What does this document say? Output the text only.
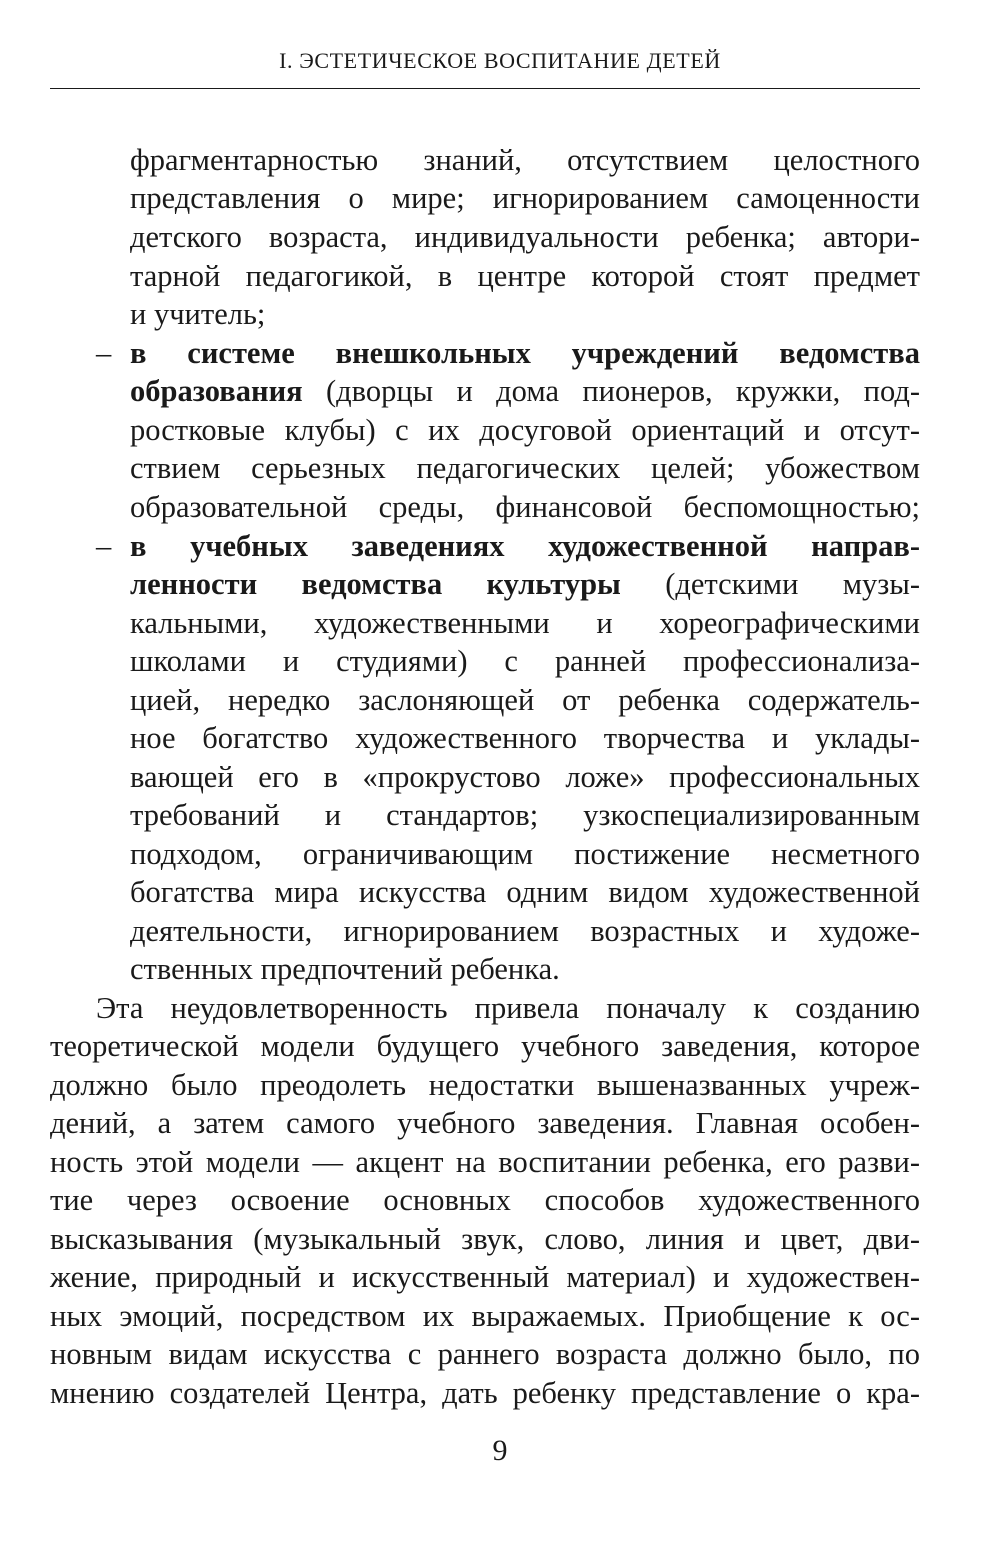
I. ЭСТЕТИЧЕСКОЕ ВОСПИТАНИЕ ДЕТЕЙ
фрагментарностью знаний, отсутствием целостного
представления о мире; игнорированием самоценности
детского возраста, индивидуальности ребенка; автори-
тарной педагогикой, в центре которой стоят предмет
и учитель;
– в системе внешкольных учреждений ведомства
образования (дворцы и дома пионеров, кружки, под-
ростковые клубы) с их досуговой ориентаций и отсут-
ствием серьезных педагогических целей; убожеством
образовательной среды, финансовой беспомощностью;
– в учебных заведениях художественной направ-
ленности ведомства культуры (детскими музы-
кальными, художественными и хореографическими
школами и студиями) с ранней профессионализа-
цией, нередко заслоняющей от ребенка содержатель-
ное богатство художественного творчества и уклады-
вающей его в «прокрустово ложе» профессиональных
требований и стандартов; узкоспециализированным
подходом, ограничивающим постижение несметного
богатства мира искусства одним видом художественной
деятельности, игнорированием возрастных и художе-
ственных предпочтений ребенка.
Эта неудовлетворенность привела поначалу к созданию
теоретической модели будущего учебного заведения, которое
должно было преодолеть недостатки вышеназванных учреж-
дений, а затем самого учебного заведения. Главная особен-
ность этой модели — акцент на воспитании ребенка, его разви-
тие через освоение основных способов художественного
высказывания (музыкальный звук, слово, линия и цвет, дви-
жение, природный и искусственный материал) и художествен-
ных эмоций, посредством их выражаемых. Приобщение к ос-
новным видам искусства с раннего возраста должно было, по
мнению создателей Центра, дать ребенку представление о кра-
9
